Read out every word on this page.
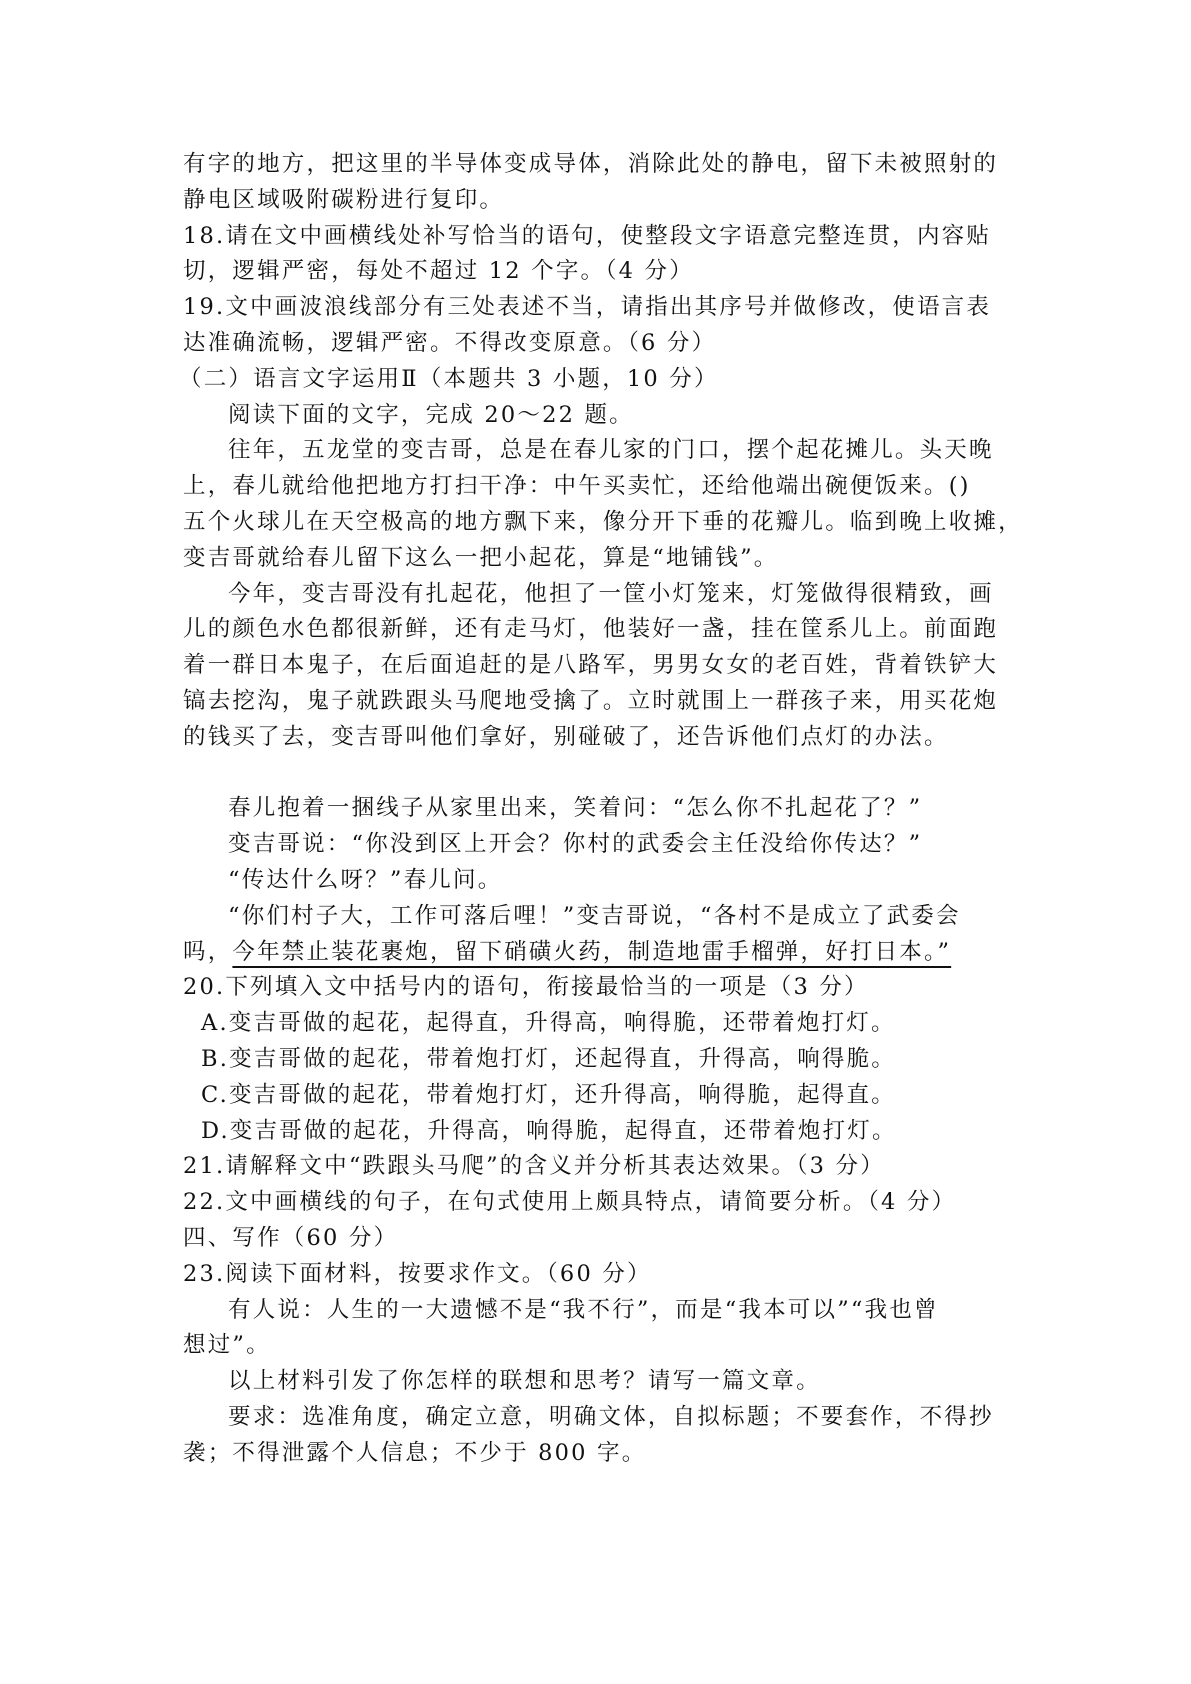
有字的地方，把这里的半导体变成导体，消除此处的静电，留下未被照射的
静电区域吸附碳粉进行复印。
18.请在文中画横线处补写恰当的语句，使整段文字语意完整连贯，内容贴
切，逻辑严密，每处不超过 12 个字。（4 分）
19.文中画波浪线部分有三处表述不当，请指出其序号并做修改，使语言表
达准确流畅，逻辑严密。不得改变原意。（6 分）
（二）语言文字运用Ⅱ（本题共 3 小题，10 分）
阅读下面的文字，完成 20～22 题。
往年，五龙堂的变吉哥，总是在春儿家的门口，摆个起花摊儿。头天晚
上，春儿就给他把地方打扫干净：中午买卖忙，还给他端出碗便饭来。()
五个火球儿在天空极高的地方飘下来，像分开下垂的花瓣儿。临到晚上收摊，
变吉哥就给春儿留下这么一把小起花，算是“地铺钱”。
今年，变吉哥没有扎起花，他担了一筐小灯笼来，灯笼做得很精致，画
儿的颜色水色都很新鲜，还有走马灯，他装好一盏，挂在筐系儿上。前面跑
着一群日本鬼子，在后面追赶的是八路军，男男女女的老百姓，背着铁铲大
镐去挖沟，鬼子就跌跟头马爬地受擒了。立时就围上一群孩子来，用买花炮
的钱买了去，变吉哥叫他们拿好，别碰破了，还告诉他们点灯的办法。
春儿抱着一捆线子从家里出来，笑着问：“怎么你不扎起花了？”
变吉哥说：“你没到区上开会？你村的武委会主任没给你传达？”
“传达什么呀？”春儿问。
“你们村子大，工作可落后哩！”变吉哥说，“各村不是成立了武委会
吗，今年禁止装花裹炮，留下硝磺火药，制造地雷手榴弹，好打日本。”
20.下列填入文中括号内的语句，衔接最恰当的一项是（3 分）
A.变吉哥做的起花，起得直，升得高，响得脆，还带着炮打灯。
B.变吉哥做的起花，带着炮打灯，还起得直，升得高，响得脆。
C.变吉哥做的起花，带着炮打灯，还升得高，响得脆，起得直。
D.变吉哥做的起花，升得高，响得脆，起得直，还带着炮打灯。
21.请解释文中“跌跟头马爬”的含义并分析其表达效果。（3 分）
22.文中画横线的句子，在句式使用上颇具特点，请简要分析。（4 分）
四、写作（60 分）
23.阅读下面材料，按要求作文。（60 分）
有人说：人生的一大遗憾不是“我不行”，而是“我本可以”“我也曾
想过”。
以上材料引发了你怎样的联想和思考？请写一篇文章。
要求：选准角度，确定立意，明确文体，自拟标题；不要套作，不得抄
袭；不得泄露个人信息；不少于 800 字。
